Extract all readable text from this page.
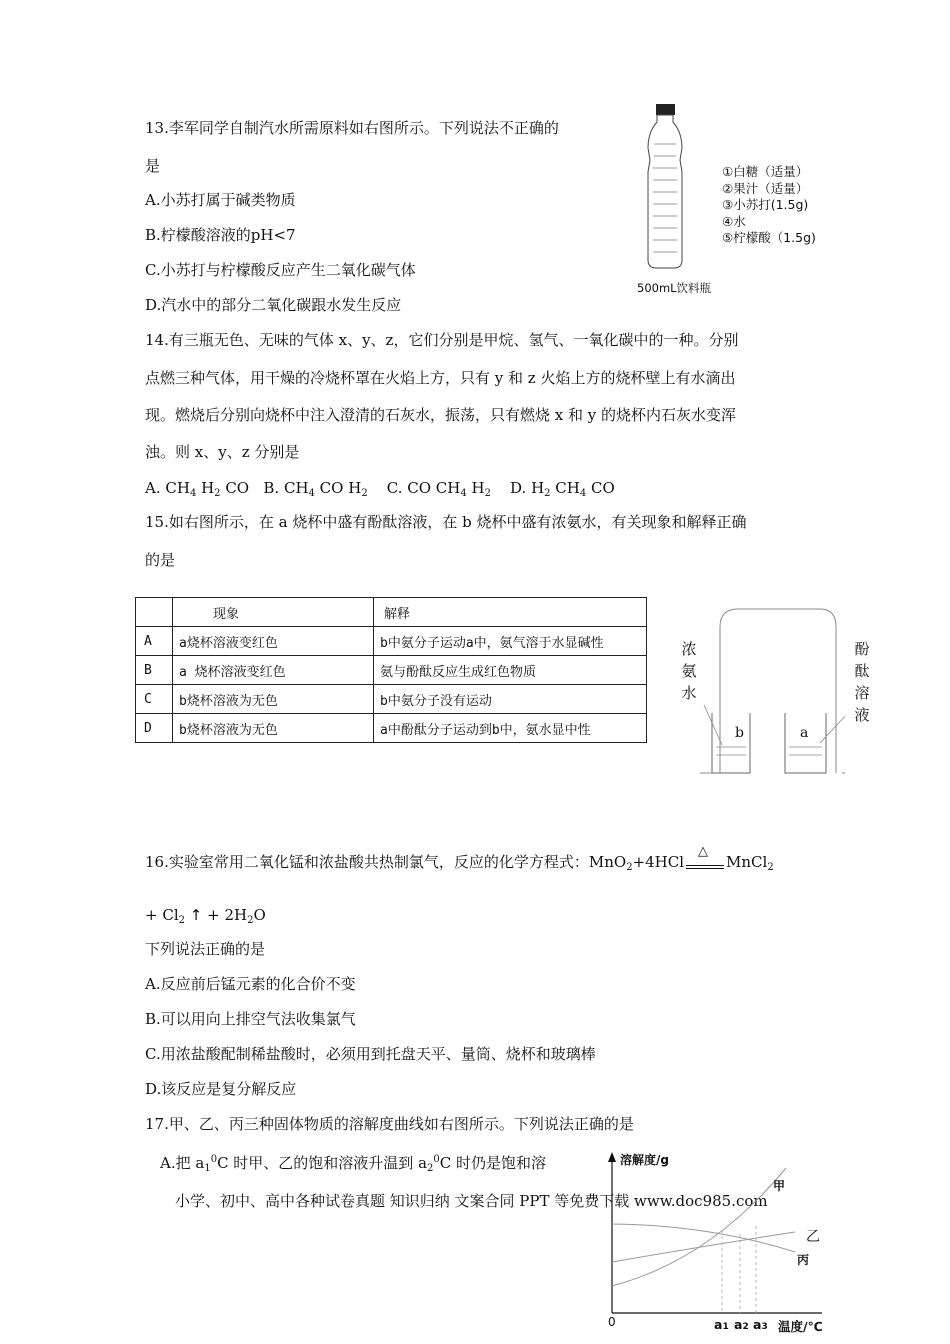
13.李军同学自制汽水所需原料如右图所示。下列说法不正确的
是
A.小苏打属于碱类物质
B.柠檬酸溶液的pH<7
C.小苏打与柠檬酸反应产生二氧化碳气体
D.汽水中的部分二氧化碳跟水发生反应
①白糖（适量）
②果汁（适量）
③小苏打(1.5g)
④水
⑤柠檬酸（1.5g)
500mL饮料瓶
14.有三瓶无色、无味的气体 x、y、z，它们分别是甲烷、氢气、一氧化碳中的一种。分别
点燃三种气体，用干燥的冷烧杯罩在火焰上方，只有 y 和 z 火焰上方的烧杯壁上有水滴出
现。燃烧后分别向烧杯中注入澄清的石灰水，振荡，只有燃烧 x 和 y 的烧杯内石灰水变浑
浊。则 x、y、z 分别是
A. $CH_4$ $H_2$ CO B. $CH_4$ CO $H_2$ C. CO $CH_4$ $H_2$ D. $H_2$ $CH_4$ CO
15.如右图所示，在 a 烧杯中盛有酚酞溶液，在 b 烧杯中盛有浓氨水，有关现象和解释正确
的是
	现象	解释
A	a烧杯溶液变红色	b中氨分子运动a中，氨气溶于水显碱性
B	a 烧杯溶液变红色	氨与酚酞反应生成红色物质
C	b烧杯溶液为无色	b中氨分子没有运动
D	b烧杯溶液为无色	a中酚酞分子运动到b中，氨水显中性
浓
氨
水
酚
酞
溶
液
b	a
16.实验室常用二氧化锰和浓盐酸共热制氯气，反应的化学方程式：MnO$_2$+4HCl
△
MnCl$_2$
+ $Cl_2$ ↑ + $2H_2O$
下列说法正确的是
A.反应前后锰元素的化合价不变
B.可以用向上排空气法收集氯气
C.用浓盐酸配制稀盐酸时，必须用到托盘天平、量筒、烧杯和玻璃棒
D.该反应是复分解反应
17.甲、乙、丙三种固体物质的溶解度曲线如右图所示。下列说法正确的是
A.把 $a_1^0C$ 时甲、乙的饱和溶液升温到 $a_2^0C$ 时仍是饱和溶
小学、初中、高中各种试卷真题 知识归纳 文案合同 PPT 等免费下载 www.doc985.com
溶解度/g
甲
乙
丙
0	a1 a2 a3 温度/℃
